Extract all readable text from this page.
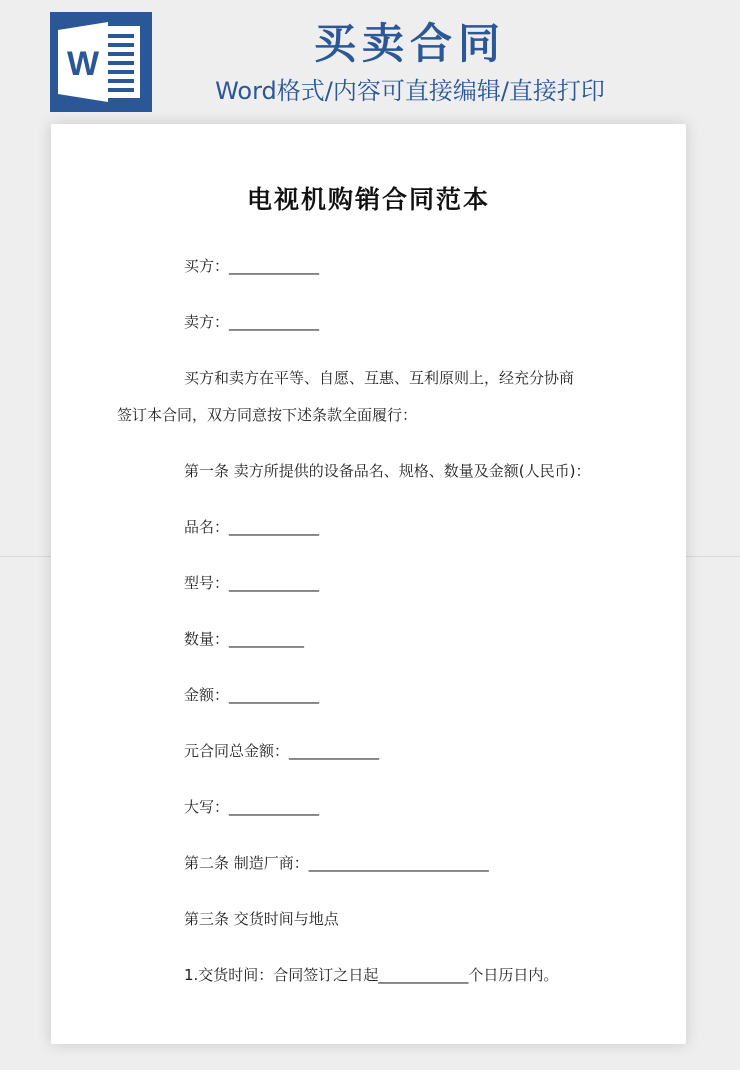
W	买卖合同
Word格式/内容可直接编辑/直接打印
电视机购销合同范本
买方：____________
卖方：____________
买方和卖方在平等、自愿、互惠、互利原则上，经充分协商
签订本合同，双方同意按下述条款全面履行：
第一条 卖方所提供的设备品名、规格、数量及金额(人民币)：
品名：____________
型号：____________
数量：__________
金额：____________
元合同总金额：____________
大写：____________
第二条 制造厂商：________________________
第三条 交货时间与地点
1.交货时间：合同签订之日起____________个日历日内。
